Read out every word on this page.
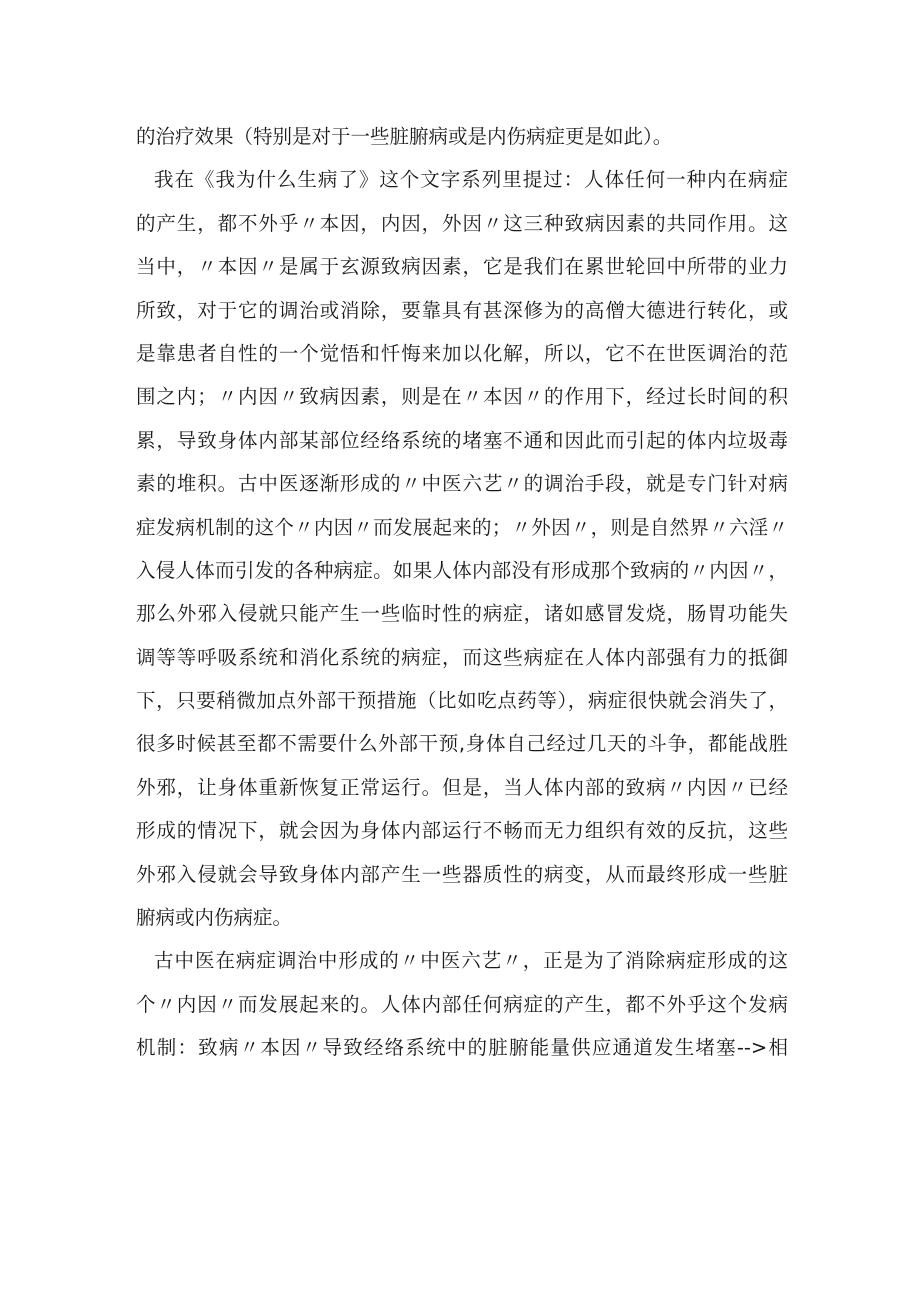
的治疗效果（特别是对于一些脏腑病或是内伤病症更是如此）。
我在《我为什么生病了》这个文字系列里提过：人体任何一种内在病症
的产生，都不外乎〃本因，内因，外因〃这三种致病因素的共同作用。这
当中，〃本因〃是属于玄源致病因素，它是我们在累世轮回中所带的业力
所致，对于它的调治或消除，要靠具有甚深修为的高僧大德进行转化，或
是靠患者自性的一个觉悟和忏悔来加以化解，所以，它不在世医调治的范
围之内；〃内因〃致病因素，则是在〃本因〃的作用下，经过长时间的积
累，导致身体内部某部位经络系统的堵塞不通和因此而引起的体内垃圾毒
素的堆积。古中医逐渐形成的〃中医六艺〃的调治手段，就是专门针对病
症发病机制的这个〃内因〃而发展起来的；〃外因〃，则是自然界〃六淫〃
入侵人体而引发的各种病症。如果人体内部没有形成那个致病的〃内因〃，
那么外邪入侵就只能产生一些临时性的病症，诸如感冒发烧，肠胃功能失
调等等呼吸系统和消化系统的病症，而这些病症在人体内部强有力的抵御
下，只要稍微加点外部干预措施（比如吃点药等），病症很快就会消失了，
很多时候甚至都不需要什么外部干预,身体自己经过几天的斗争，都能战胜
外邪，让身体重新恢复正常运行。但是，当人体内部的致病〃内因〃已经
形成的情况下，就会因为身体内部运行不畅而无力组织有效的反抗，这些
外邪入侵就会导致身体内部产生一些器质性的病变，从而最终形成一些脏
腑病或内伤病症。
古中医在病症调治中形成的〃中医六艺〃，正是为了消除病症形成的这
个〃内因〃而发展起来的。人体内部任何病症的产生，都不外乎这个发病
机制：致病〃本因〃导致经络系统中的脏腑能量供应通道发生堵塞-->相
